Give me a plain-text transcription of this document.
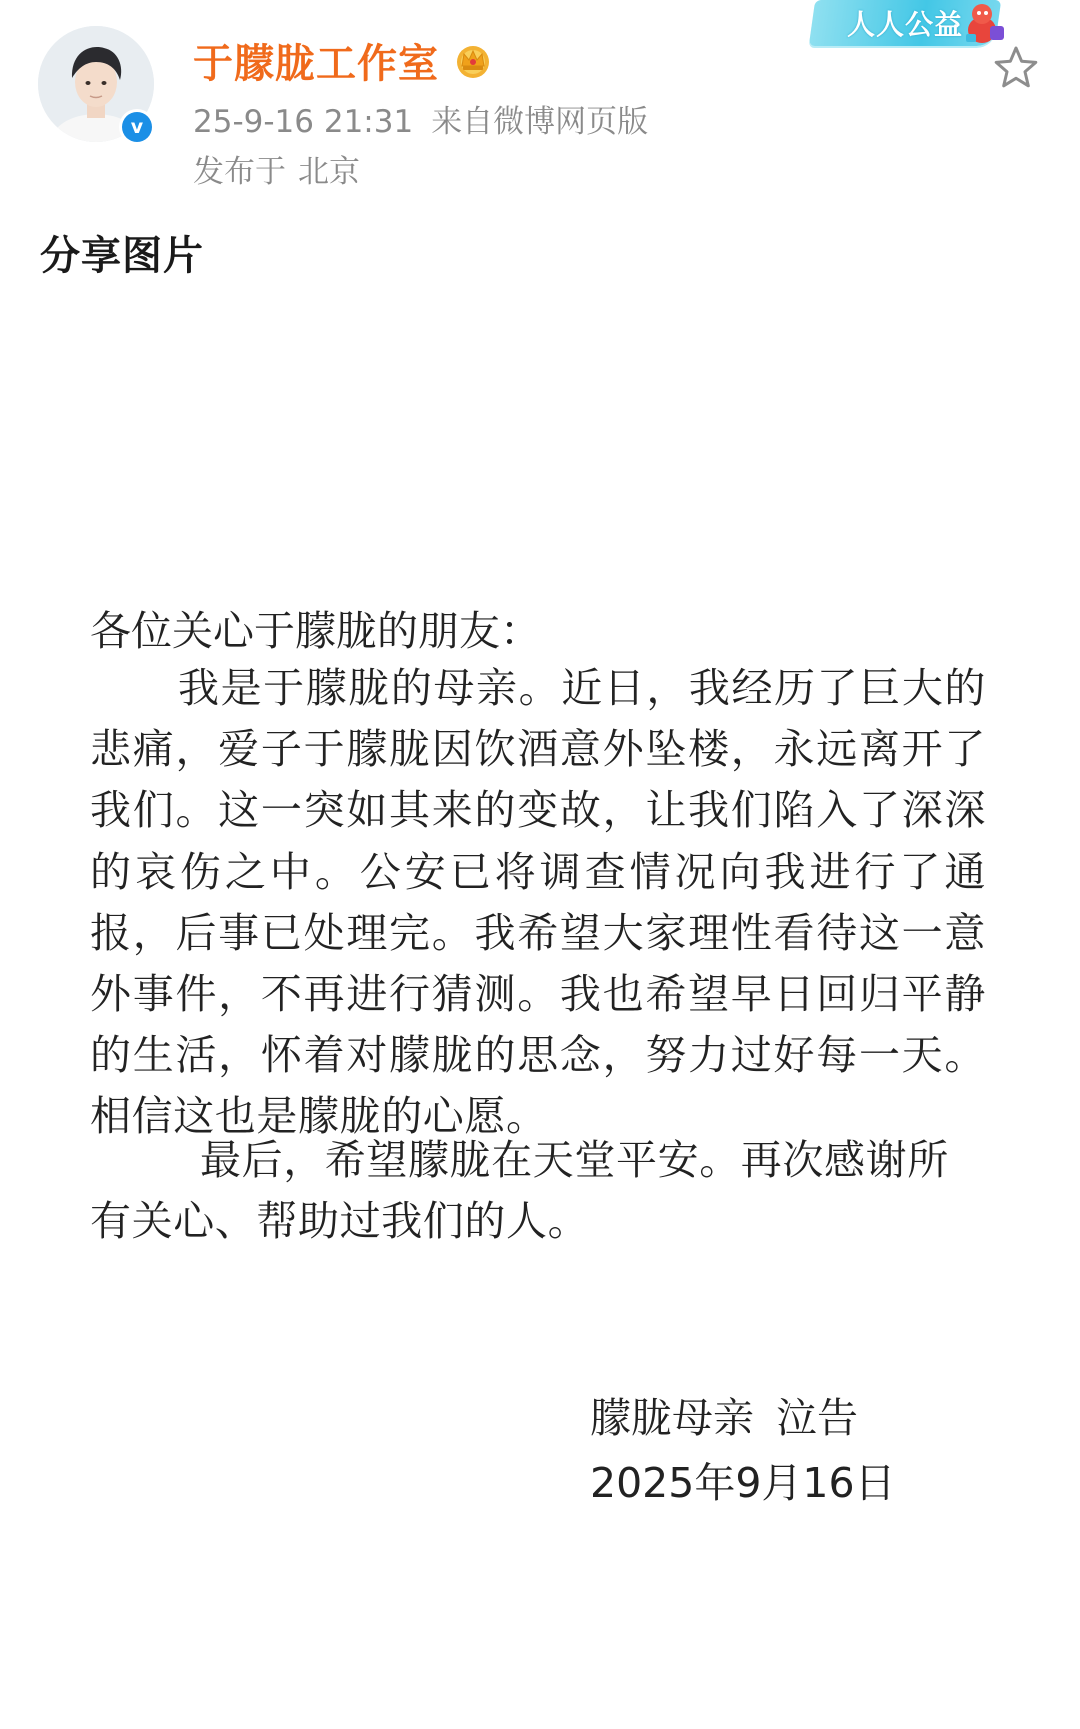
v
于朦胧工作室
25-9-16 21:31 来自微博网页版
发布于 北京
人人公益
分享图片
各位关心于朦胧的朋友：
我是于朦胧的母亲。近日，我经历了巨大的悲痛，爱子于朦胧因饮酒意外坠楼，永远离开了我们。这一突如其来的变故，让我们陷入了深深的哀伤之中。公安已将调查情况向我进行了通报，后事已处理完。我希望大家理性看待这一意外事件，不再进行猜测。我也希望早日回归平静的生活，怀着对朦胧的思念，努力过好每一天。相信这也是朦胧的心愿。
最后，希望朦胧在天堂平安。再次感谢所有关心、帮助过我们的人。
朦胧母亲 泣告
2025年9月16日
